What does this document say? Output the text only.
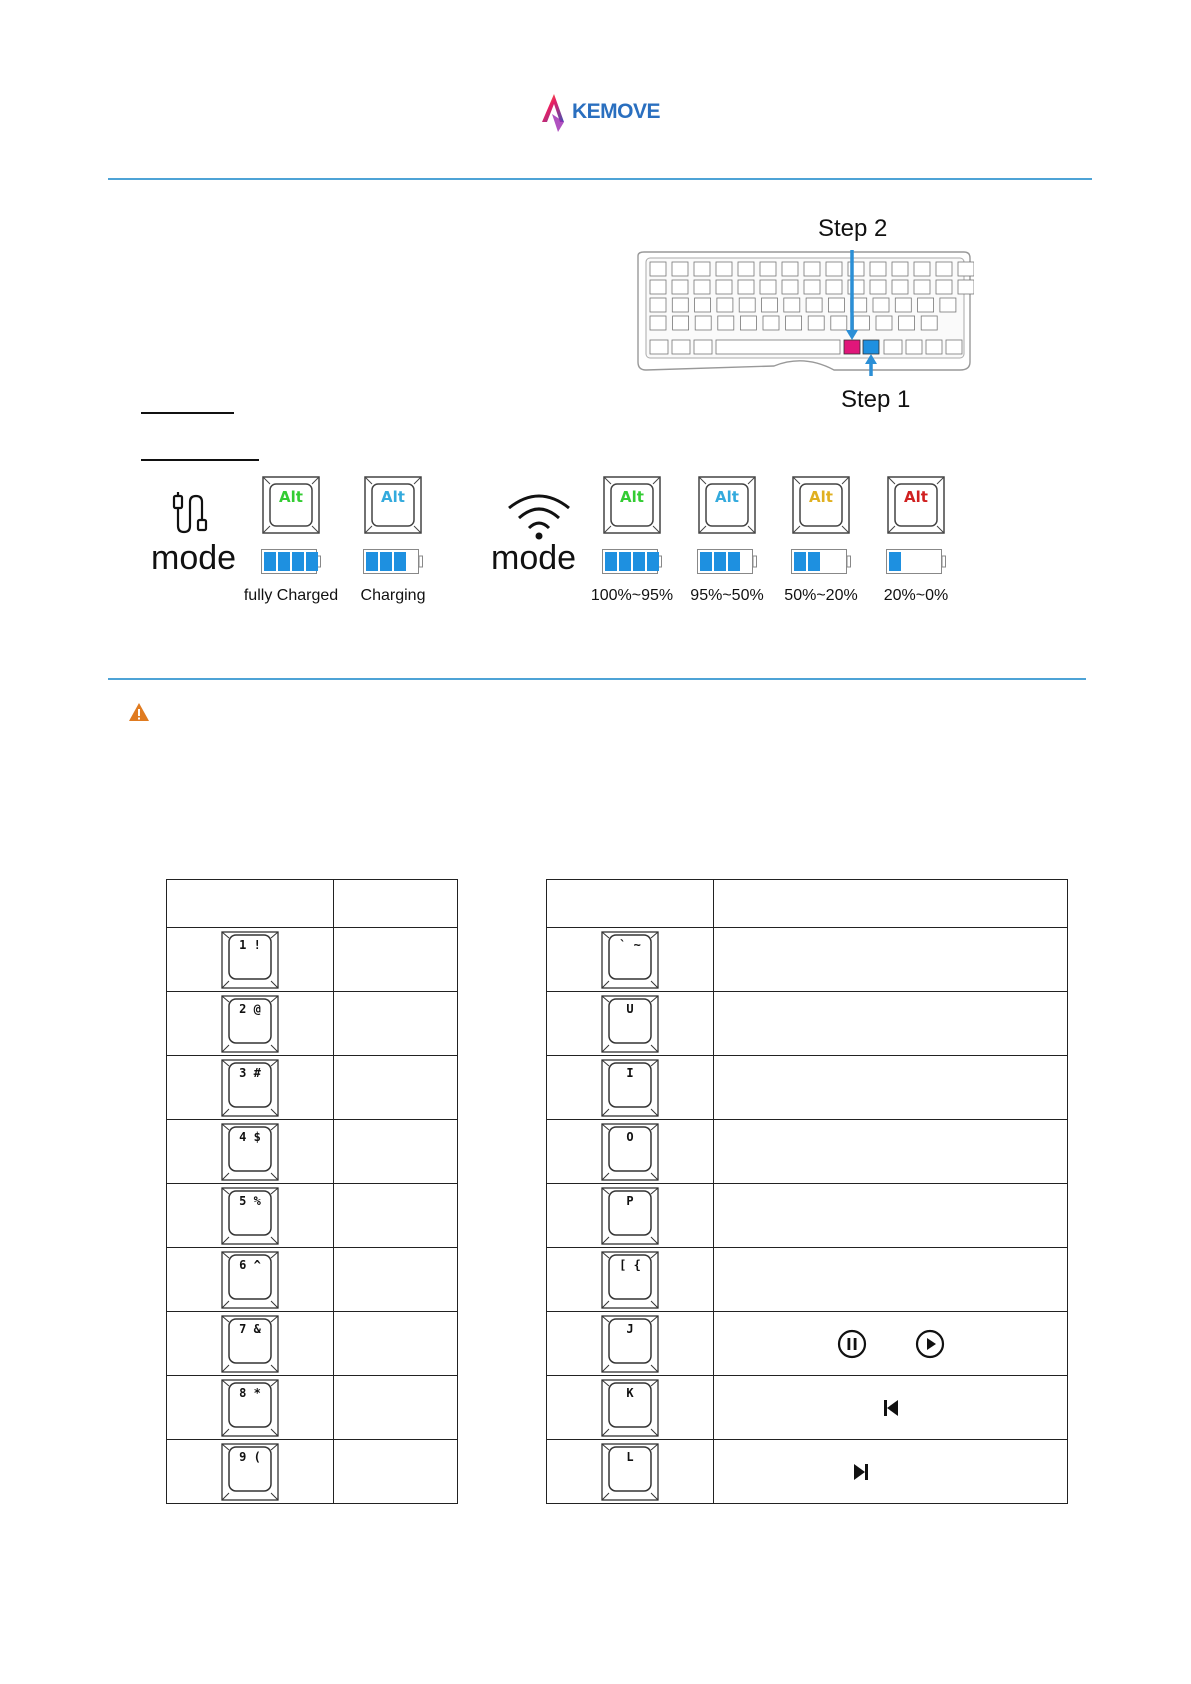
KEMOVE
Step 2
Step 1
mode	mode
Alt
fully Charged
Alt
Charging
Alt
100%~95%
Alt
95%~50%
Alt
50%~20%
Alt
20%~0%

1 !	

2 @	

3 #	

4 $	

5 %	

6 ^	

7 &	

8 *	

9 (	

` ~	

U	

I	

O	

P	

[ {	

J

K

L
